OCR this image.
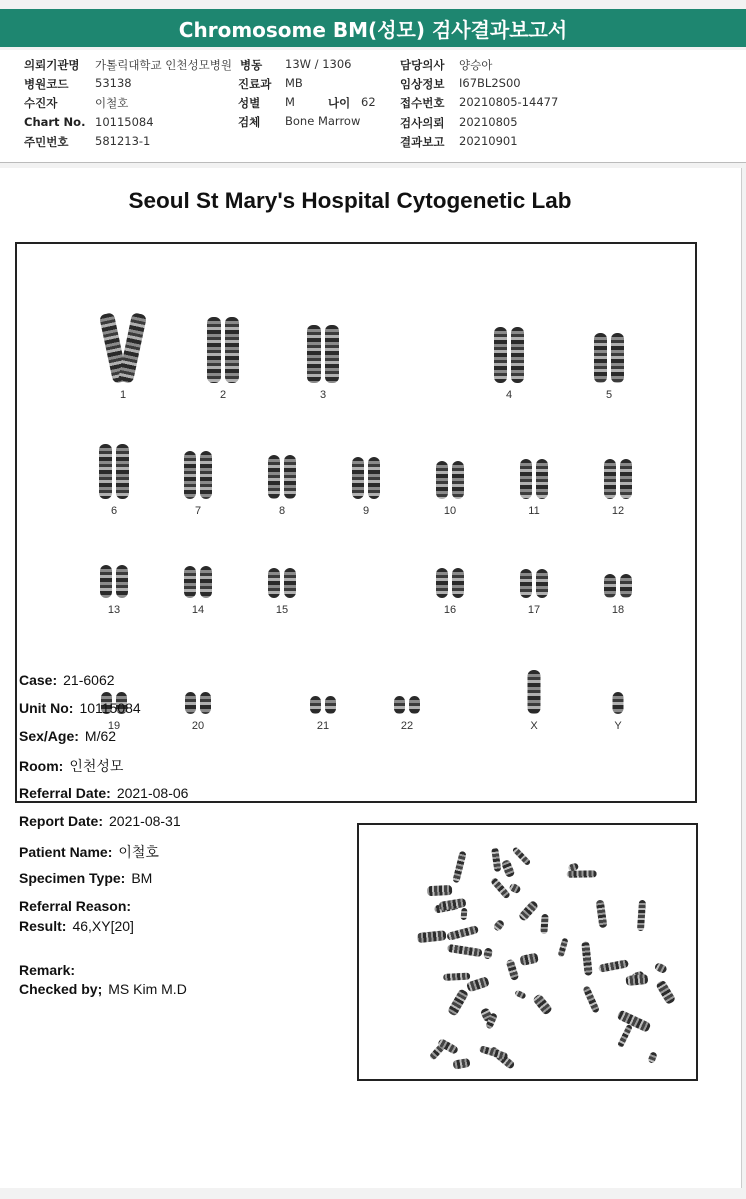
Chromosome BM(성모) 검사결과보고서
의뢰기관명 가톨릭대학교 인천성모병원 병동 13W / 1306	담당의사 양승아
병원코드 53138	진료과 MB	임상정보 I67BL2S00
수진자	이철호	성별 M	나이 62 접수번호 20210805-14477
Chart No. 10115084	검체 Bone Marrow	검사의뢰 20210805
주민번호 581213-1	결과보고 20210901
Seoul St Mary's Hospital Cytogenetic Lab
1	2	3	4	5
6	7	8	9	10	11	12
13	14	15	16	17	18
19	20	21	22	X	Y
Case: 21-6062
Unit No: 10115084
Sex/Age: M/62
Room: 인천성모
Referral Date: 2021-08-06
Report Date: 2021-08-31
Patient Name: 이철호
Specimen Type: BM
Referral Reason:
Result: 46,XY[20]
Remark:
Checked by; MS Kim M.D
